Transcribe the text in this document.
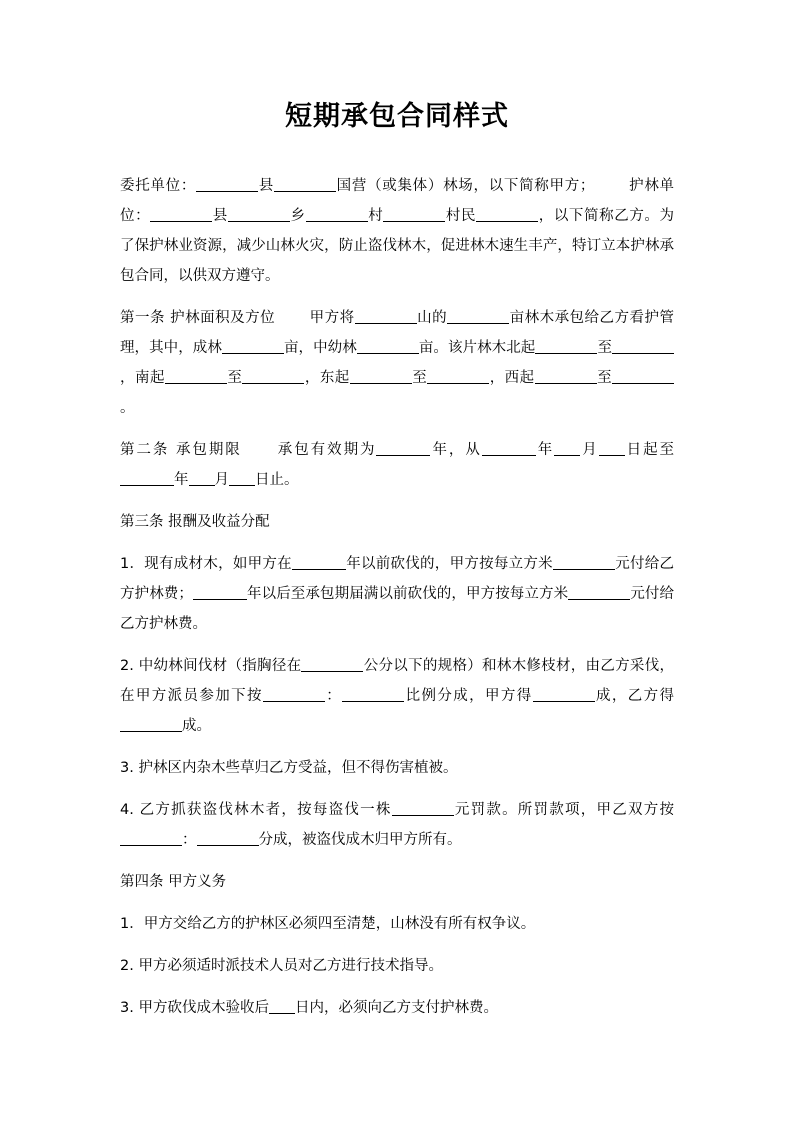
短期承包合同样式

委托单位：	县	国营（或集体）林场，以下简称甲方； 护林单位：	县	乡	村	村民	，以下简称乙方。为了保护林业资源，减少山林火灾，防止盗伐林木，促进林木速生丰产，特订立本护林承包合同，以供双方遵守。

第一条 护林面积及方位 甲方将	山的	亩林木承包给乙方看护管理，其中，成林	亩，中幼林	亩。该片林木北起	至，南起	至	，东起	至	，西起	至。

第二条 承包期限 承包有效期为	年，从	年 月 日起至年 月 日止。

第三条 报酬及收益分配

1．现有成材木，如甲方在	年以前砍伐的，甲方按每立方米	元付给乙方护林费；	年以后至承包期届满以前砍伐的，甲方按每立方米	元付给乙方护林费。

2. 中幼林间伐材（指胸径在	公分以下的规格）和林木修枝材，由乙方采伐，在甲方派员参加下按	：	比例分成，甲方得	成，乙方得成。

3. 护林区内杂木些草归乙方受益，但不得伤害植被。

4. 乙方抓获盗伐林木者，按每盗伐一株	元罚款。所罚款项，甲乙双方按：	分成，被盗伐成木归甲方所有。

第四条 甲方义务

1．甲方交给乙方的护林区必须四至清楚，山林没有所有权争议。

2. 甲方必须适时派技术人员对乙方进行技术指导。

3. 甲方砍伐成木验收后 日内，必须向乙方支付护林费。
